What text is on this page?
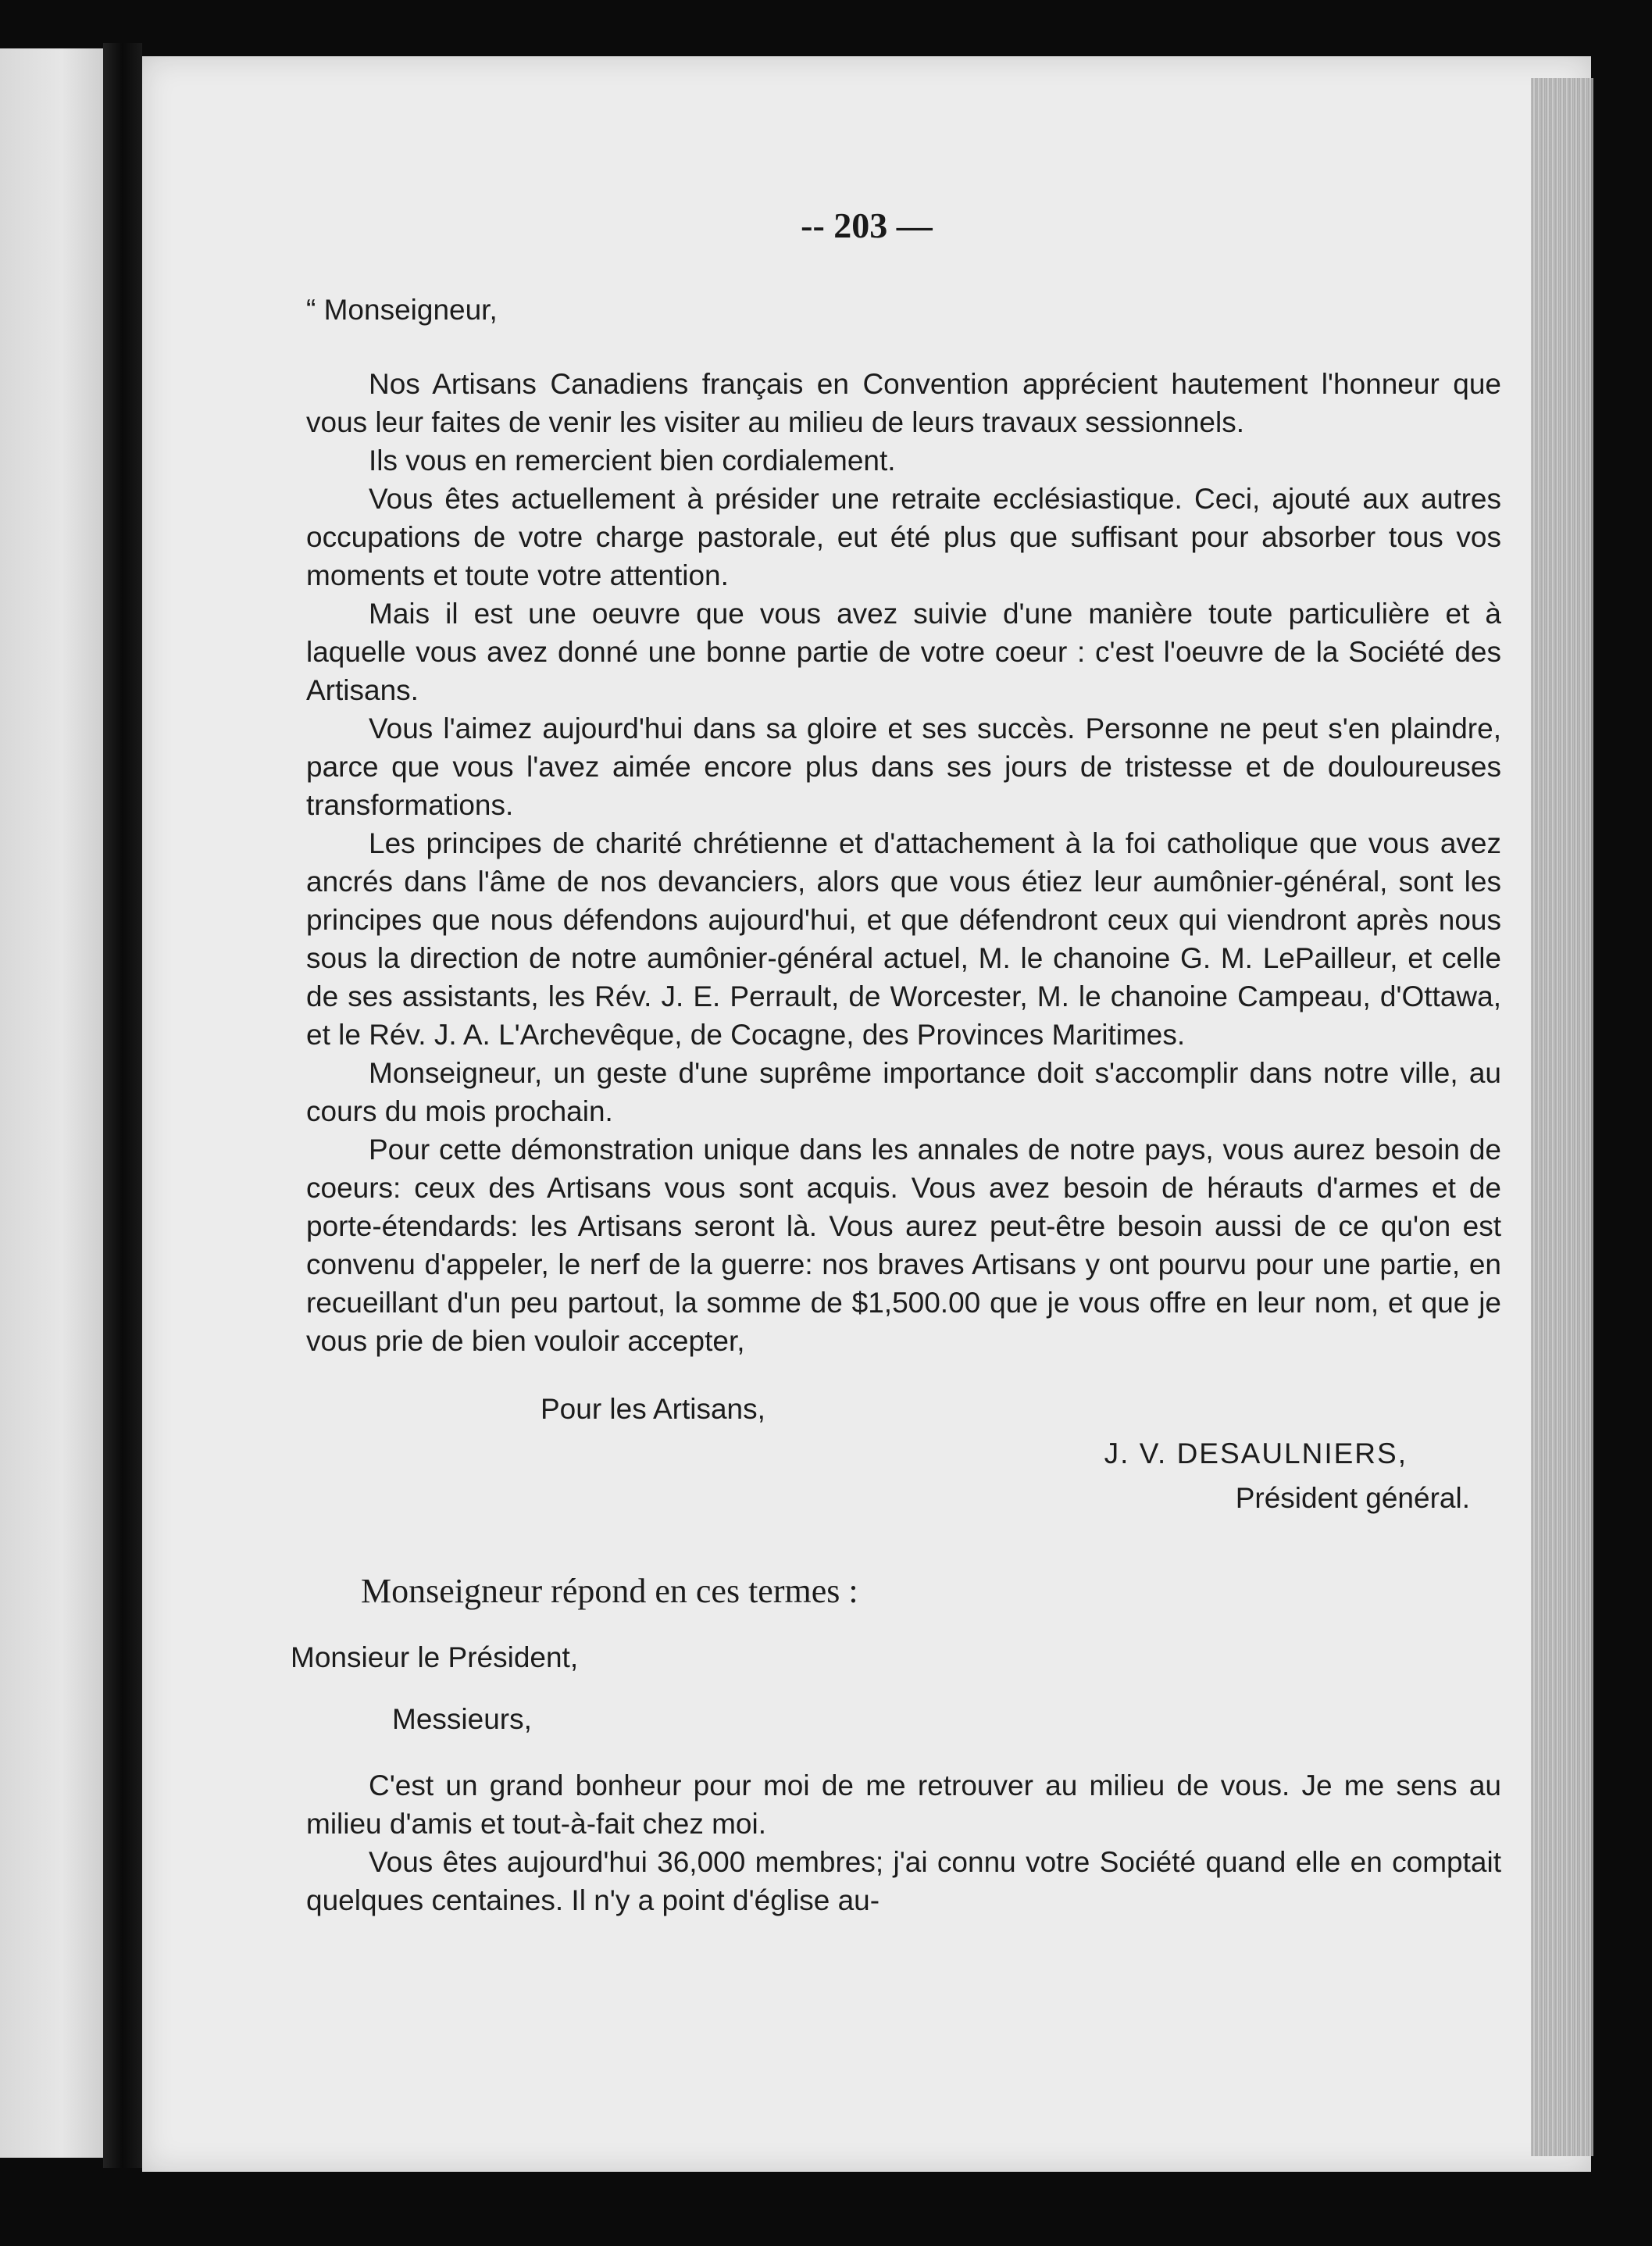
-- 203 —

“ Monseigneur,

Nos Artisans Canadiens français en Convention apprécient hautement l'honneur que vous leur faites de venir les visiter au milieu de leurs travaux sessionnels.

Ils vous en remercient bien cordialement.

Vous êtes actuellement à présider une retraite ecclésiastique. Ceci, ajouté aux autres occupations de votre charge pastorale, eut été plus que suffisant pour absorber tous vos moments et toute votre attention.

Mais il est une oeuvre que vous avez suivie d'une manière toute particulière et à laquelle vous avez donné une bonne partie de votre coeur : c'est l'oeuvre de la Société des Artisans.

Vous l'aimez aujourd'hui dans sa gloire et ses succès. Personne ne peut s'en plaindre, parce que vous l'avez aimée encore plus dans ses jours de tristesse et de douloureuses transformations.

Les principes de charité chrétienne et d'attachement à la foi catholique que vous avez ancrés dans l'âme de nos devanciers, alors que vous étiez leur aumônier-général, sont les principes que nous défendons aujourd'hui, et que défendront ceux qui viendront après nous sous la direction de notre aumônier-général actuel, M. le chanoine G. M. LePailleur, et celle de ses assistants, les Rév. J. E. Perrault, de Worcester, M. le chanoine Campeau, d'Ottawa, et le Rév. J. A. L'Archevêque, de Cocagne, des Provinces Maritimes.

Monseigneur, un geste d'une suprême importance doit s'accomplir dans notre ville, au cours du mois prochain.

Pour cette démonstration unique dans les annales de notre pays, vous aurez besoin de coeurs: ceux des Artisans vous sont acquis. Vous avez besoin de hérauts d'armes et de porte-étendards: les Artisans seront là. Vous aurez peut-être besoin aussi de ce qu'on est convenu d'appeler, le nerf de la guerre: nos braves Artisans y ont pourvu pour une partie, en recueillant d'un peu partout, la somme de $1,500.00 que je vous offre en leur nom, et que je vous prie de bien vouloir accepter,

Pour les Artisans,

J. V. DESAULNIERS,

Président général.

Monseigneur répond en ces termes :

Monsieur le Président,

Messieurs,

C'est un grand bonheur pour moi de me retrouver au milieu de vous. Je me sens au milieu d'amis et tout-à-fait chez moi.

Vous êtes aujourd'hui 36,000 membres; j'ai connu votre Société quand elle en comptait quelques centaines. Il n'y a point d'église au-
